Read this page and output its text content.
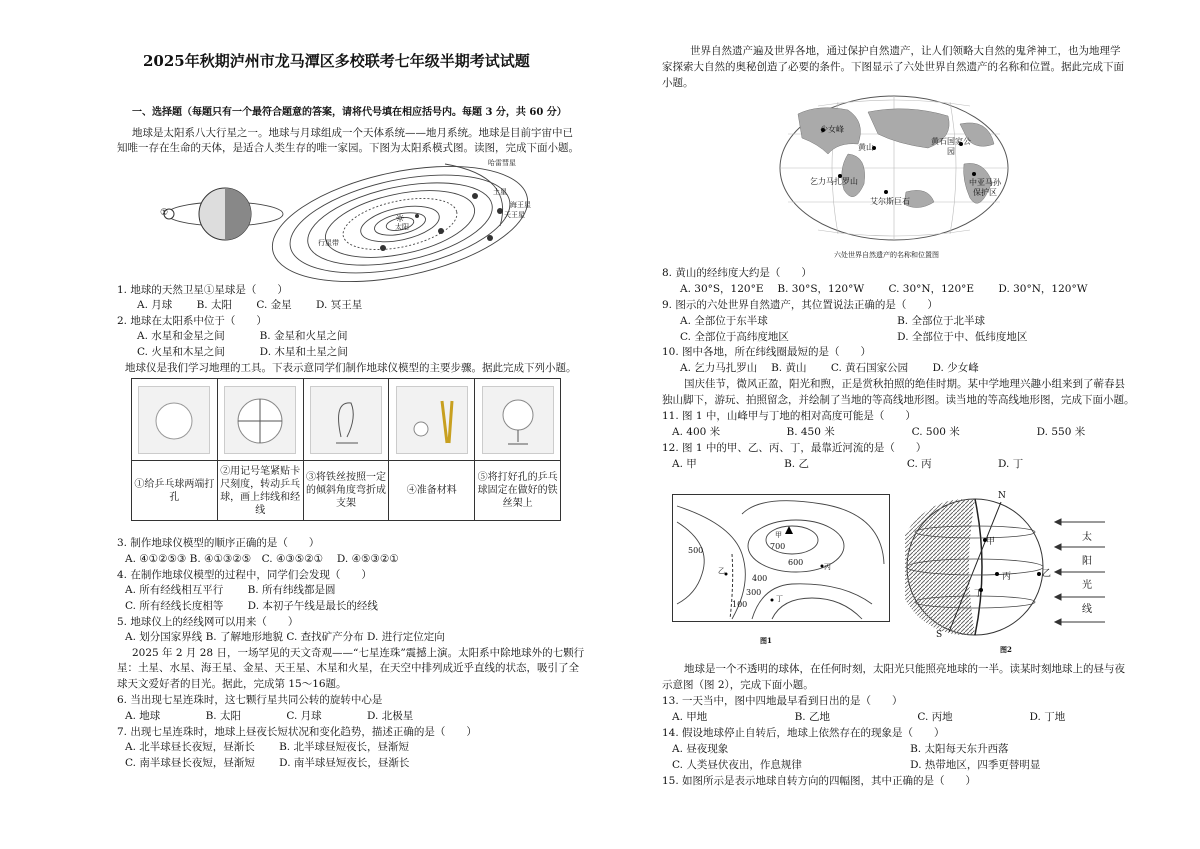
2025年秋期泸州市龙马潭区多校联考七年级半期考试试题
一、选择题（每题只有一个最符合题意的答案，请将代号填在相应括号内。每题 3 分，共 60 分）
地球是太阳系八大行星之一。地球与月球组成一个天体系统——地月系统。地球是目前宇宙中已
知唯一存在生命的天体，是适合人类生存的唯一家园。下图为太阳系模式图。读图，完成下面小题。
☼
①
哈雷彗星
太阳
土星
海王星
天王星
行星带
1. 地球的天然卫星①星球是（　　）
A. 月球　　 B. 太阳　　 C. 金星　　 D. 冥王星
2. 地球在太阳系中位于（　　）
A. 水星和金星之间　　　 B. 金星和火星之间
C. 火星和木星之间　　　 D. 木星和土星之间
地球仪是我们学习地理的工具。下表示意同学们制作地球仪模型的主要步骤。据此完成下列小题。

①给乒乓球两端打孔	②用记号笔紧贴卡尺刻度，转动乒乓球，画上纬线和经线	③将铁丝按照一定的倾斜角度弯折成支架	④准备材料	⑤将打好孔的乒乓球固定在做好的铁丝架上
3. 制作地球仪模型的顺序正确的是（　　）
A. ④①②⑤③ B. ④①③②⑤　C. ④③⑤②①　 D. ④⑤③②①
4. 在制作地球仪模型的过程中，同学们会发现（　　）
A. 所有经线相互平行　　 B. 所有纬线都是圆
C. 所有经线长度相等　　 D. 本初子午线是最长的经线
5. 地球仪上的经线网可以用来（　　）
A. 划分国家界线 B. 了解地形地貌 C. 查找矿产分布 D. 进行定位定向
2025 年 2 月 28 日，一场罕见的天文奇观——“七星连珠”震撼上演。太阳系中除地球外的七颗行
星：土星、水星、海王星、金星、天王星、木星和火星，在天空中排列成近乎直线的状态，吸引了全
球天文爱好者的目光。据此，完成第 15～16题。
6. 当出现七星连珠时，这七颗行星共同公转的旋转中心是
A. 地球　　　　 B. 太阳　　　　 C. 月球　　　　 D. 北极星
7. 出现七星连珠时，地球上昼夜长短状况和变化趋势，描述正确的是（　　）
A. 北半球昼长夜短，昼渐长　　 B. 北半球昼短夜长，昼渐短
C. 南半球昼长夜短，昼渐短　　 D. 南半球昼短夜长，昼渐长
世界自然遗产遍及世界各地，通过保护自然遗产，让人们领略大自然的鬼斧神工，也为地理学
家探索大自然的奥秘创造了必要的条件。下图显示了六处世界自然遗产的名称和位置。据此完成下面
小题。
少女峰
黄山
黄石国家公园
乞力马扎罗山
艾尔斯巨石
中亚马孙保护区
六处世界自然遗产的名称和位置图
8. 黄山的经纬度大约是（　　）
A. 30°S，120°E　 B. 30°S，120°W　　 C. 30°N，120°E　　 D. 30°N，120°W
9. 图示的六处世界自然遗产，其位置说法正确的是（　　）
A. 全部位于东半球　　　　　　　　　　　　 B. 全部位于北半球
C. 全部位于高纬度地区　　　　　　　　　　 D. 全部位于中、低纬度地区
10. 图中各地，所在纬线圈最短的是（　　）
A. 乞力马扎罗山　 B. 黄山　　 C. 黄石国家公园　　 D. 少女峰
国庆佳节，微风正盈，阳光和煦，正是赏秋拍照的绝佳时期。某中学地理兴趣小组来到了蕲春县
独山脚下，游玩、拍照留念，并绘制了当地的等高线地形图。读当地的等高线地形图，完成下面小题。
11. 图 1 中，山峰甲与丁地的相对高度可能是（　　）
A. 400 米　　　　　　 B. 450 米　　　　　　　 C. 500 米　　　　　　　 D. 550 米
12. 图 1 中的甲、乙、丙、丁，最靠近河流的是（　　）
A. 甲　　　　　　　　 B. 乙　　　　　　　　　 C. 丙　　　　　　 D. 丁
500	700
600
400
300
100
甲
乙	丙
丁
图1
N
S
甲
乙
丙
丁
太
阳
光
线
图2
地球是一个不透明的球体，在任何时刻，太阳光只能照亮地球的一半。读某时刻地球上的昼与夜
示意图（图 2），完成下面小题。
13. 一天当中，图中四地最早看到日出的是（　　）
A. 甲地　　　　　　　　 B. 乙地　　　　　　　　 C. 丙地　　　　　　　 D. 丁地
14. 假设地球停止自转后，地球上依然存在的现象是（　　）
A. 昼夜现象　　　　　　　　　　　　　　　　　 B. 太阳每天东升西落
C. 人类昼伏夜出，作息规律　　　　　　　　　　 D. 热带地区，四季更替明显
15. 如图所示是表示地球自转方向的四幅图，其中正确的是（　　）
